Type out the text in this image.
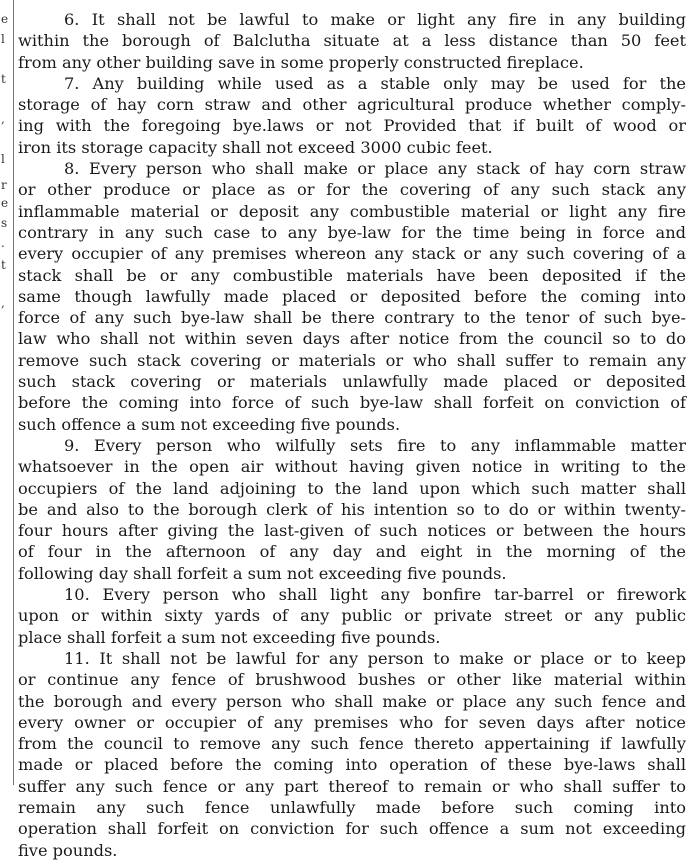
e
l
t
,
l
r
e
s
.
t
,
6. It shall not be lawful to make or light any fire in any building
within the borough of Balclutha situate at a less distance than 50 feet
from any other building save in some properly constructed fireplace.
7. Any building while used as a stable only may be used for the
storage of hay corn straw and other agricultural produce whether comply-
ing with the foregoing bye.laws or not Provided that if built of wood or
iron its storage capacity shall not exceed 3000 cubic feet.
8. Every person who shall make or place any stack of hay corn straw
or other produce or place as or for the covering of any such stack any
inflammable material or deposit any combustible material or light any fire
contrary in any such case to any bye-law for the time being in force and
every occupier of any premises whereon any stack or any such covering of a
stack shall be or any combustible materials have been deposited if the
same though lawfully made placed or deposited before the coming into
force of any such bye-law shall be there contrary to the tenor of such bye-
law who shall not within seven days after notice from the council so to do
remove such stack covering or materials or who shall suffer to remain any
such stack covering or materials unlawfully made placed or deposited
before the coming into force of such bye-law shall forfeit on conviction of
such offence a sum not exceeding five pounds.
9. Every person who wilfully sets fire to any inflammable matter
whatsoever in the open air without having given notice in writing to the
occupiers of the land adjoining to the land upon which such matter shall
be and also to the borough clerk of his intention so to do or within twenty-
four hours after giving the last-given of such notices or between the hours
of four in the afternoon of any day and eight in the morning of the
following day shall forfeit a sum not exceeding five pounds.
10. Every person who shall light any bonfire tar-barrel or firework
upon or within sixty yards of any public or private street or any public
place shall forfeit a sum not exceeding five pounds.
11. It shall not be lawful for any person to make or place or to keep
or continue any fence of brushwood bushes or other like material within
the borough and every person who shall make or place any such fence and
every owner or occupier of any premises who for seven days after notice
from the council to remove any such fence thereto appertaining if lawfully
made or placed before the coming into operation of these bye-laws shall
suffer any such fence or any part thereof to remain or who shall suffer to
remain any such fence unlawfully made before such coming into
operation shall forfeit on conviction for such offence a sum not exceeding
five pounds.
